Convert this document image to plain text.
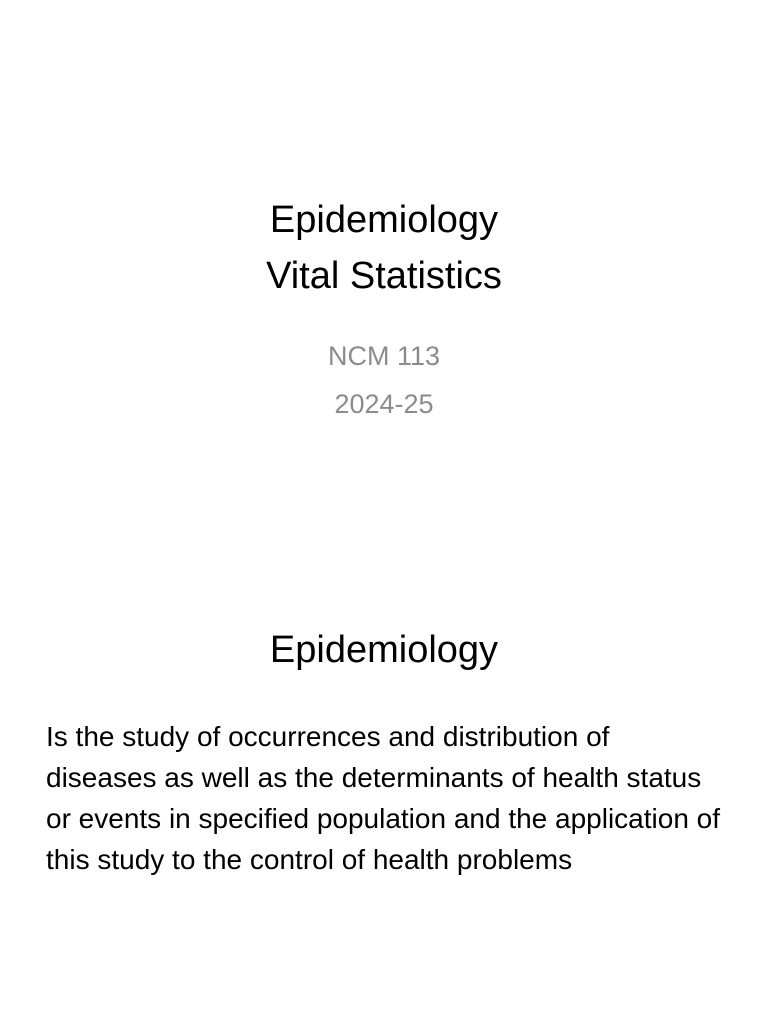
Epidemiology
Vital Statistics
NCM 113
2024-25
Epidemiology

Is the study of occurrences and distribution of diseases as well as the determinants of health status or events in specified population and the application of this study to the control of health problems
